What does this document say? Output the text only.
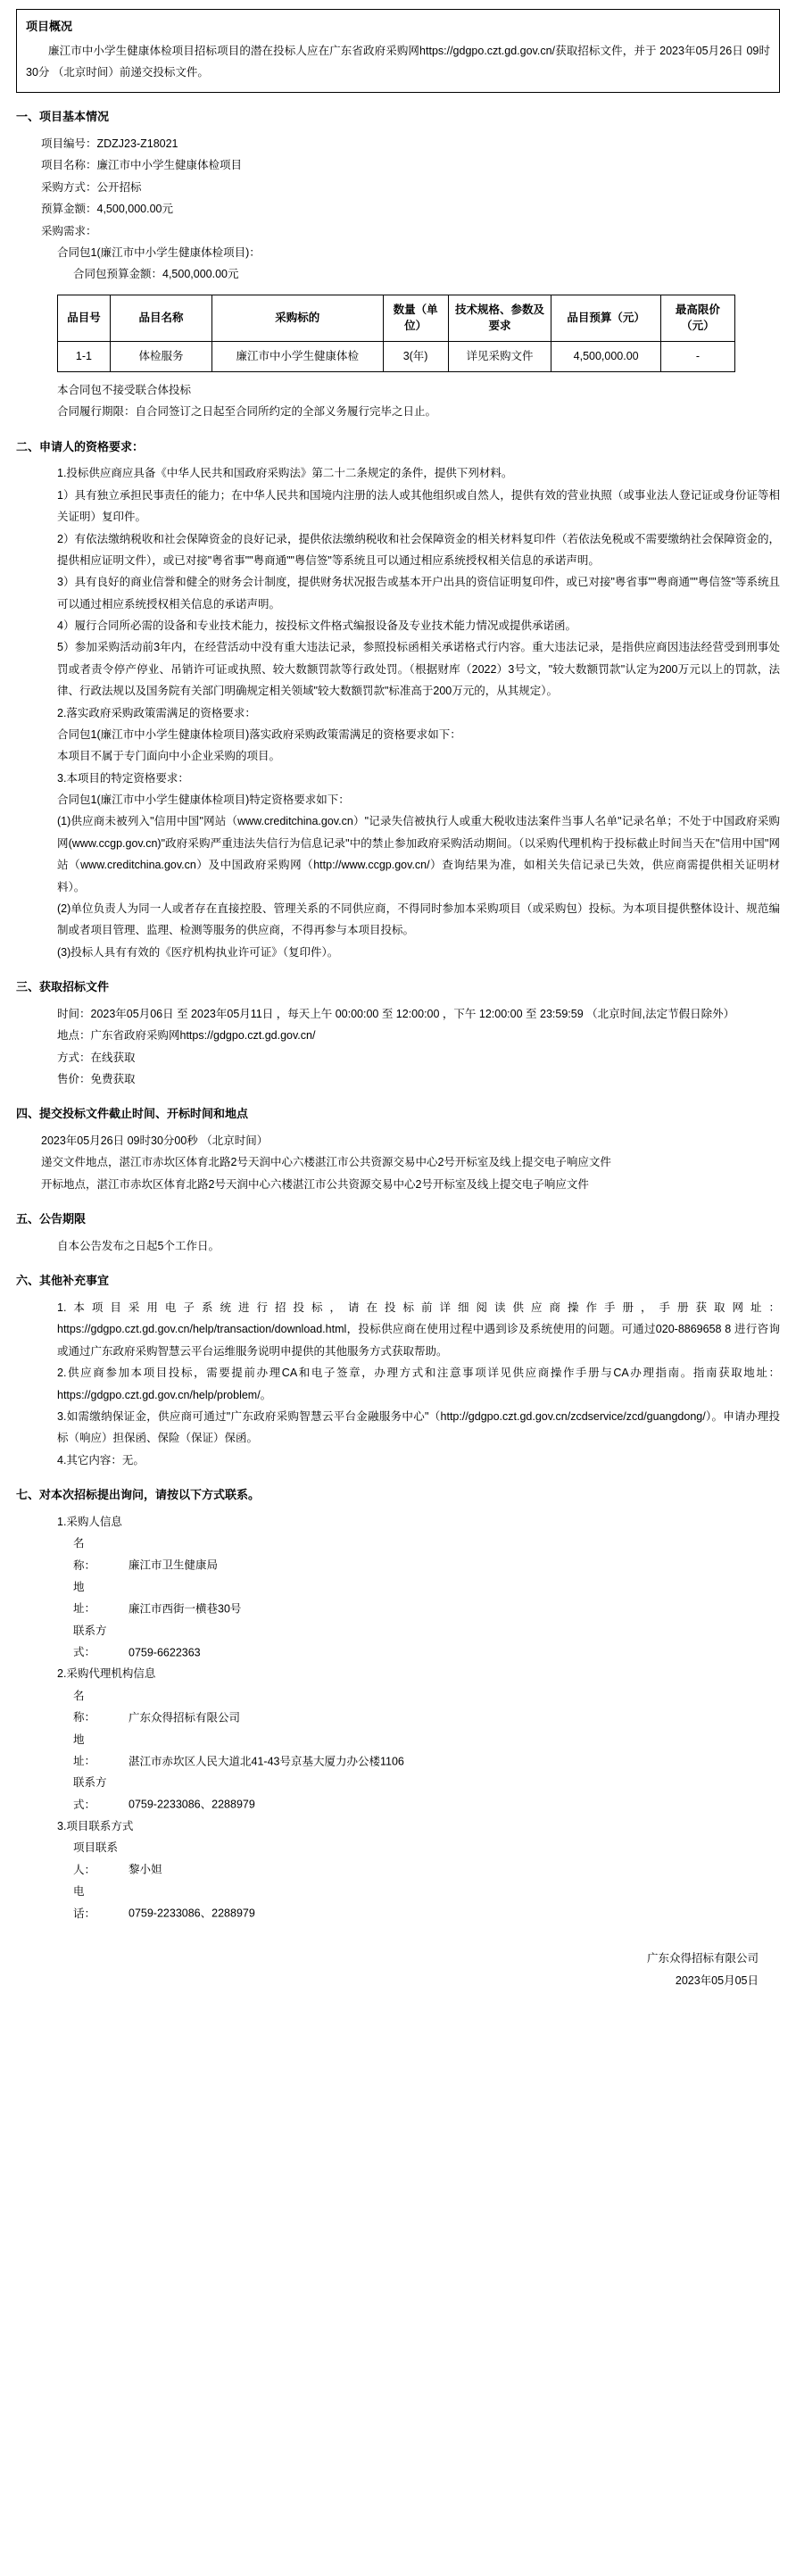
项目概况
廉江市中小学生健康体检项目招标项目的潜在投标人应在广东省政府采购网https://gdgpo.czt.gd.gov.cn/获取招标文件，并于 2023年05月26日 09时30分 （北京时间）前递交投标文件。
一、项目基本情况
项目编号：ZDZJ23-Z18021
项目名称：廉江市中小学生健康体检项目
采购方式：公开招标
预算金额：4,500,000.00元
采购需求：
合同包1(廉江市中小学生健康体检项目)：
合同包预算金额：4,500,000.00元
品目号	品目名称	采购标的	数量（单位）	技术规格、参数及要求	品目预算（元）	最高限价（元）
1-1	体检服务	廉江市中小学生健康体检	3(年)	详见采购文件	4,500,000.00	-
本合同包不接受联合体投标
合同履行期限：自合同签订之日起至合同所约定的全部义务履行完毕之日止。
二、申请人的资格要求：
1.投标供应商应具备《中华人民共和国政府采购法》第二十二条规定的条件，提供下列材料。
1）具有独立承担民事责任的能力；在中华人民共和国境内注册的法人或其他组织或自然人，提供有效的营业执照（或事业法人登记证或身份证等相关证明）复印件。
2）有依法缴纳税收和社会保障资金的良好记录，提供依法缴纳税收和社会保障资金的相关材料复印件（若依法免税或不需要缴纳社会保障资金的，提供相应证明文件），或已对接"粤省事""粤商通""粤信签"等系统且可以通过相应系统授权相关信息的承诺声明。
3）具有良好的商业信誉和健全的财务会计制度，提供财务状况报告或基本开户出具的资信证明复印件，或已对接"粤省事""粤商通""粤信签"等系统且可以通过相应系统授权相关信息的承诺声明。
4）履行合同所必需的设备和专业技术能力，按投标文件格式编报设备及专业技术能力情况或提供承诺函。
5）参加采购活动前3年内，在经营活动中没有重大违法记录，参照投标函相关承诺格式行内容。重大违法记录，是指供应商因违法经营受到刑事处罚或者责令停产停业、吊销许可证或执照、较大数额罚款等行政处罚。（根据财库（2022）3号文，"较大数额罚款"认定为200万元以上的罚款，法律、行政法规以及国务院有关部门明确规定相关领域"较大数额罚款"标准高于200万元的，从其规定）。
2.落实政府采购政策需满足的资格要求：
合同包1(廉江市中小学生健康体检项目)落实政府采购政策需满足的资格要求如下：
本项目不属于专门面向中小企业采购的项目。
3.本项目的特定资格要求：
合同包1(廉江市中小学生健康体检项目)特定资格要求如下：
(1)供应商未被列入"信用中国"网站（www.creditchina.gov.cn）"记录失信被执行人或重大税收违法案件当事人名单"记录名单；不处于中国政府采购网(www.ccgp.gov.cn)"政府采购严重违法失信行为信息记录"中的禁止参加政府采购活动期间。（以采购代理机构于投标截止时间当天在"信用中国"网站（www.creditchina.gov.cn）及中国政府采购网（http://www.ccgp.gov.cn/）查询结果为准，如相关失信记录已失效，供应商需提供相关证明材料）。
(2)单位负责人为同一人或者存在直接控股、管理关系的不同供应商，不得同时参加本采购项目（或采购包）投标。为本项目提供整体设计、规范编制或者项目管理、监理、检测等服务的供应商，不得再参与本项目投标。
(3)投标人具有有效的《医疗机构执业许可证》（复印件）。
三、获取招标文件
时间：2023年05月06日 至 2023年05月11日 ，每天上午 00:00:00 至 12:00:00 ，下午 12:00:00 至 23:59:59 （北京时间,法定节假日除外）
地点：广东省政府采购网https://gdgpo.czt.gd.gov.cn/
方式：在线获取
售价：免费获取
四、提交投标文件截止时间、开标时间和地点
2023年05月26日 09时30分00秒 （北京时间）
递交文件地点，湛江市赤坎区体育北路2号天润中心六楼湛江市公共资源交易中心2号开标室及线上提交电子响应文件
开标地点，湛江市赤坎区体育北路2号天润中心六楼湛江市公共资源交易中心2号开标室及线上提交电子响应文件
五、公告期限
自本公告发布之日起5个工作日。
六、其他补充事宜
1.本项目采用电子系统进行招投标，请在投标前详细阅读供应商操作手册，手册获取网址：https://gdgpo.czt.gd.gov.cn/help/transaction/download.html，投标供应商在使用过程中遇到诊及系统使用的问题。可通过020-8869658 8 进行咨询或通过广东政府采购智慧云平台运维服务说明申提供的其他服务方式获取帮助。
2.供应商参加本项目投标，需要提前办理CA和电子签章，办理方式和注意事项详见供应商操作手册与CA办理指南。指南获取地址：https://gdgpo.czt.gd.gov.cn/help/problem/。
3.如需缴纳保证金，供应商可通过"广东政府采购智慧云平台金融服务中心"（http://gdgpo.czt.gd.gov.cn/zcdservice/zcd/guangdong/）。申请办理投标（响应）担保函、保险（保证）保函。
4.其它内容：无。
七、对本次招标提出询问，请按以下方式联系。
1.采购人信息
名　　称：	廉江市卫生健康局
地　　址：	廉江市西街一横巷30号
联系方式：	0759-6622363
2.采购代理机构信息
名　　称：	广东众得招标有限公司
地　　址：	湛江市赤坎区人民大道北41-43号京基大厦力办公楼1106
联系方式：	0759-2233086、2288979
3.项目联系方式
项目联系人：	黎小妲
电　　话：	0759-2233086、2288979
广东众得招标有限公司
2023年05月05日
